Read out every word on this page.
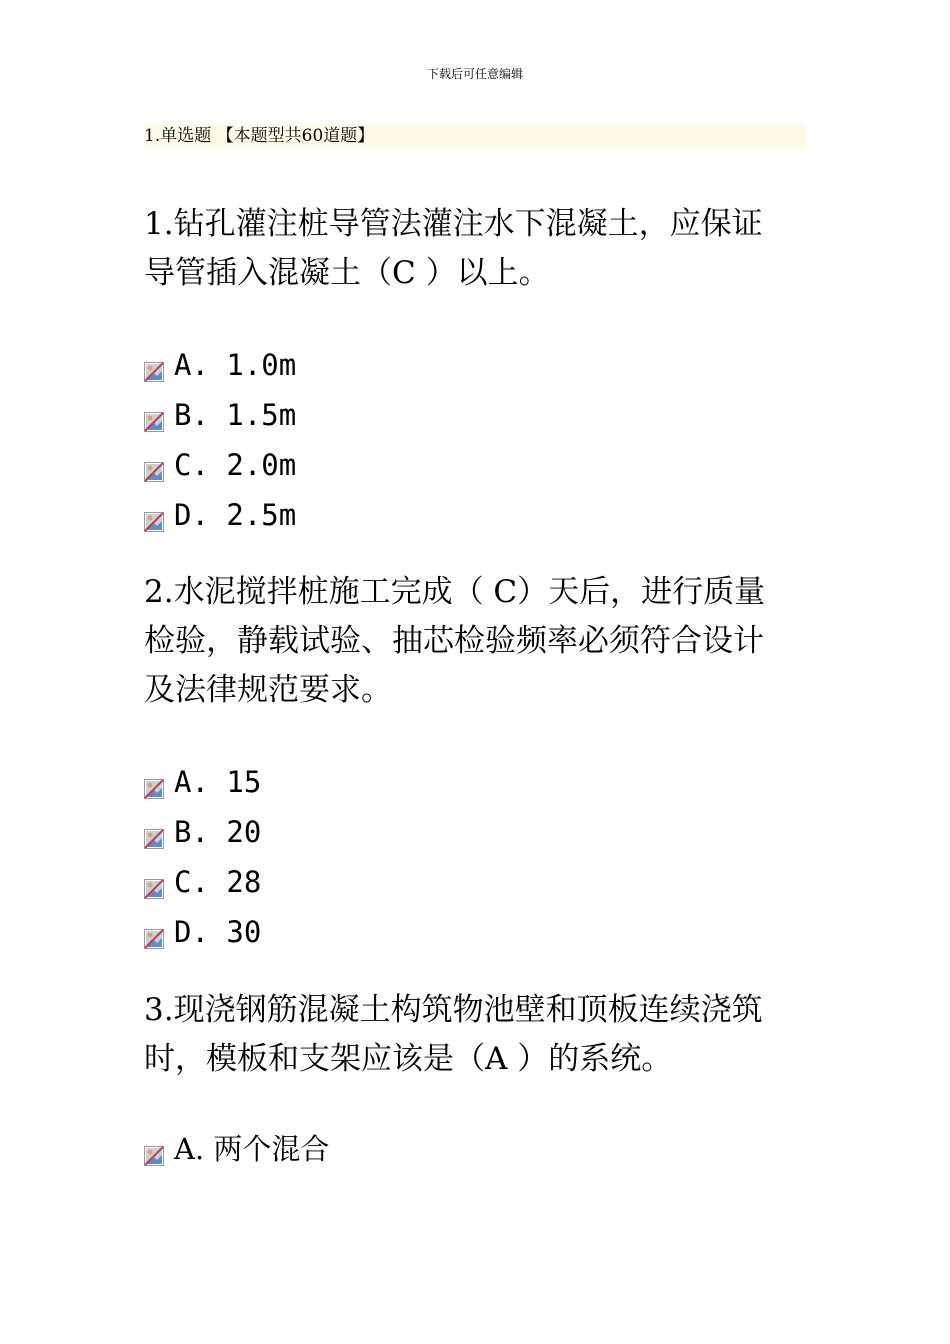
下载后可任意编辑
1.单选题 【本题型共60道题】
1.钻孔灌注桩导管法灌注水下混凝土，应保证
导管插入混凝土（C ）以上。
A. 1.0m
B. 1.5m
C. 2.0m
D. 2.5m
2.水泥搅拌桩施工完成（ C）天后，进行质量
检验，静载试验、抽芯检验频率必须符合设计
及法律规范要求。
A. 15
B. 20
C. 28
D. 30
3.现浇钢筋混凝土构筑物池壁和顶板连续浇筑
时，模板和支架应该是（A ）的系统。
A. 两个混合
